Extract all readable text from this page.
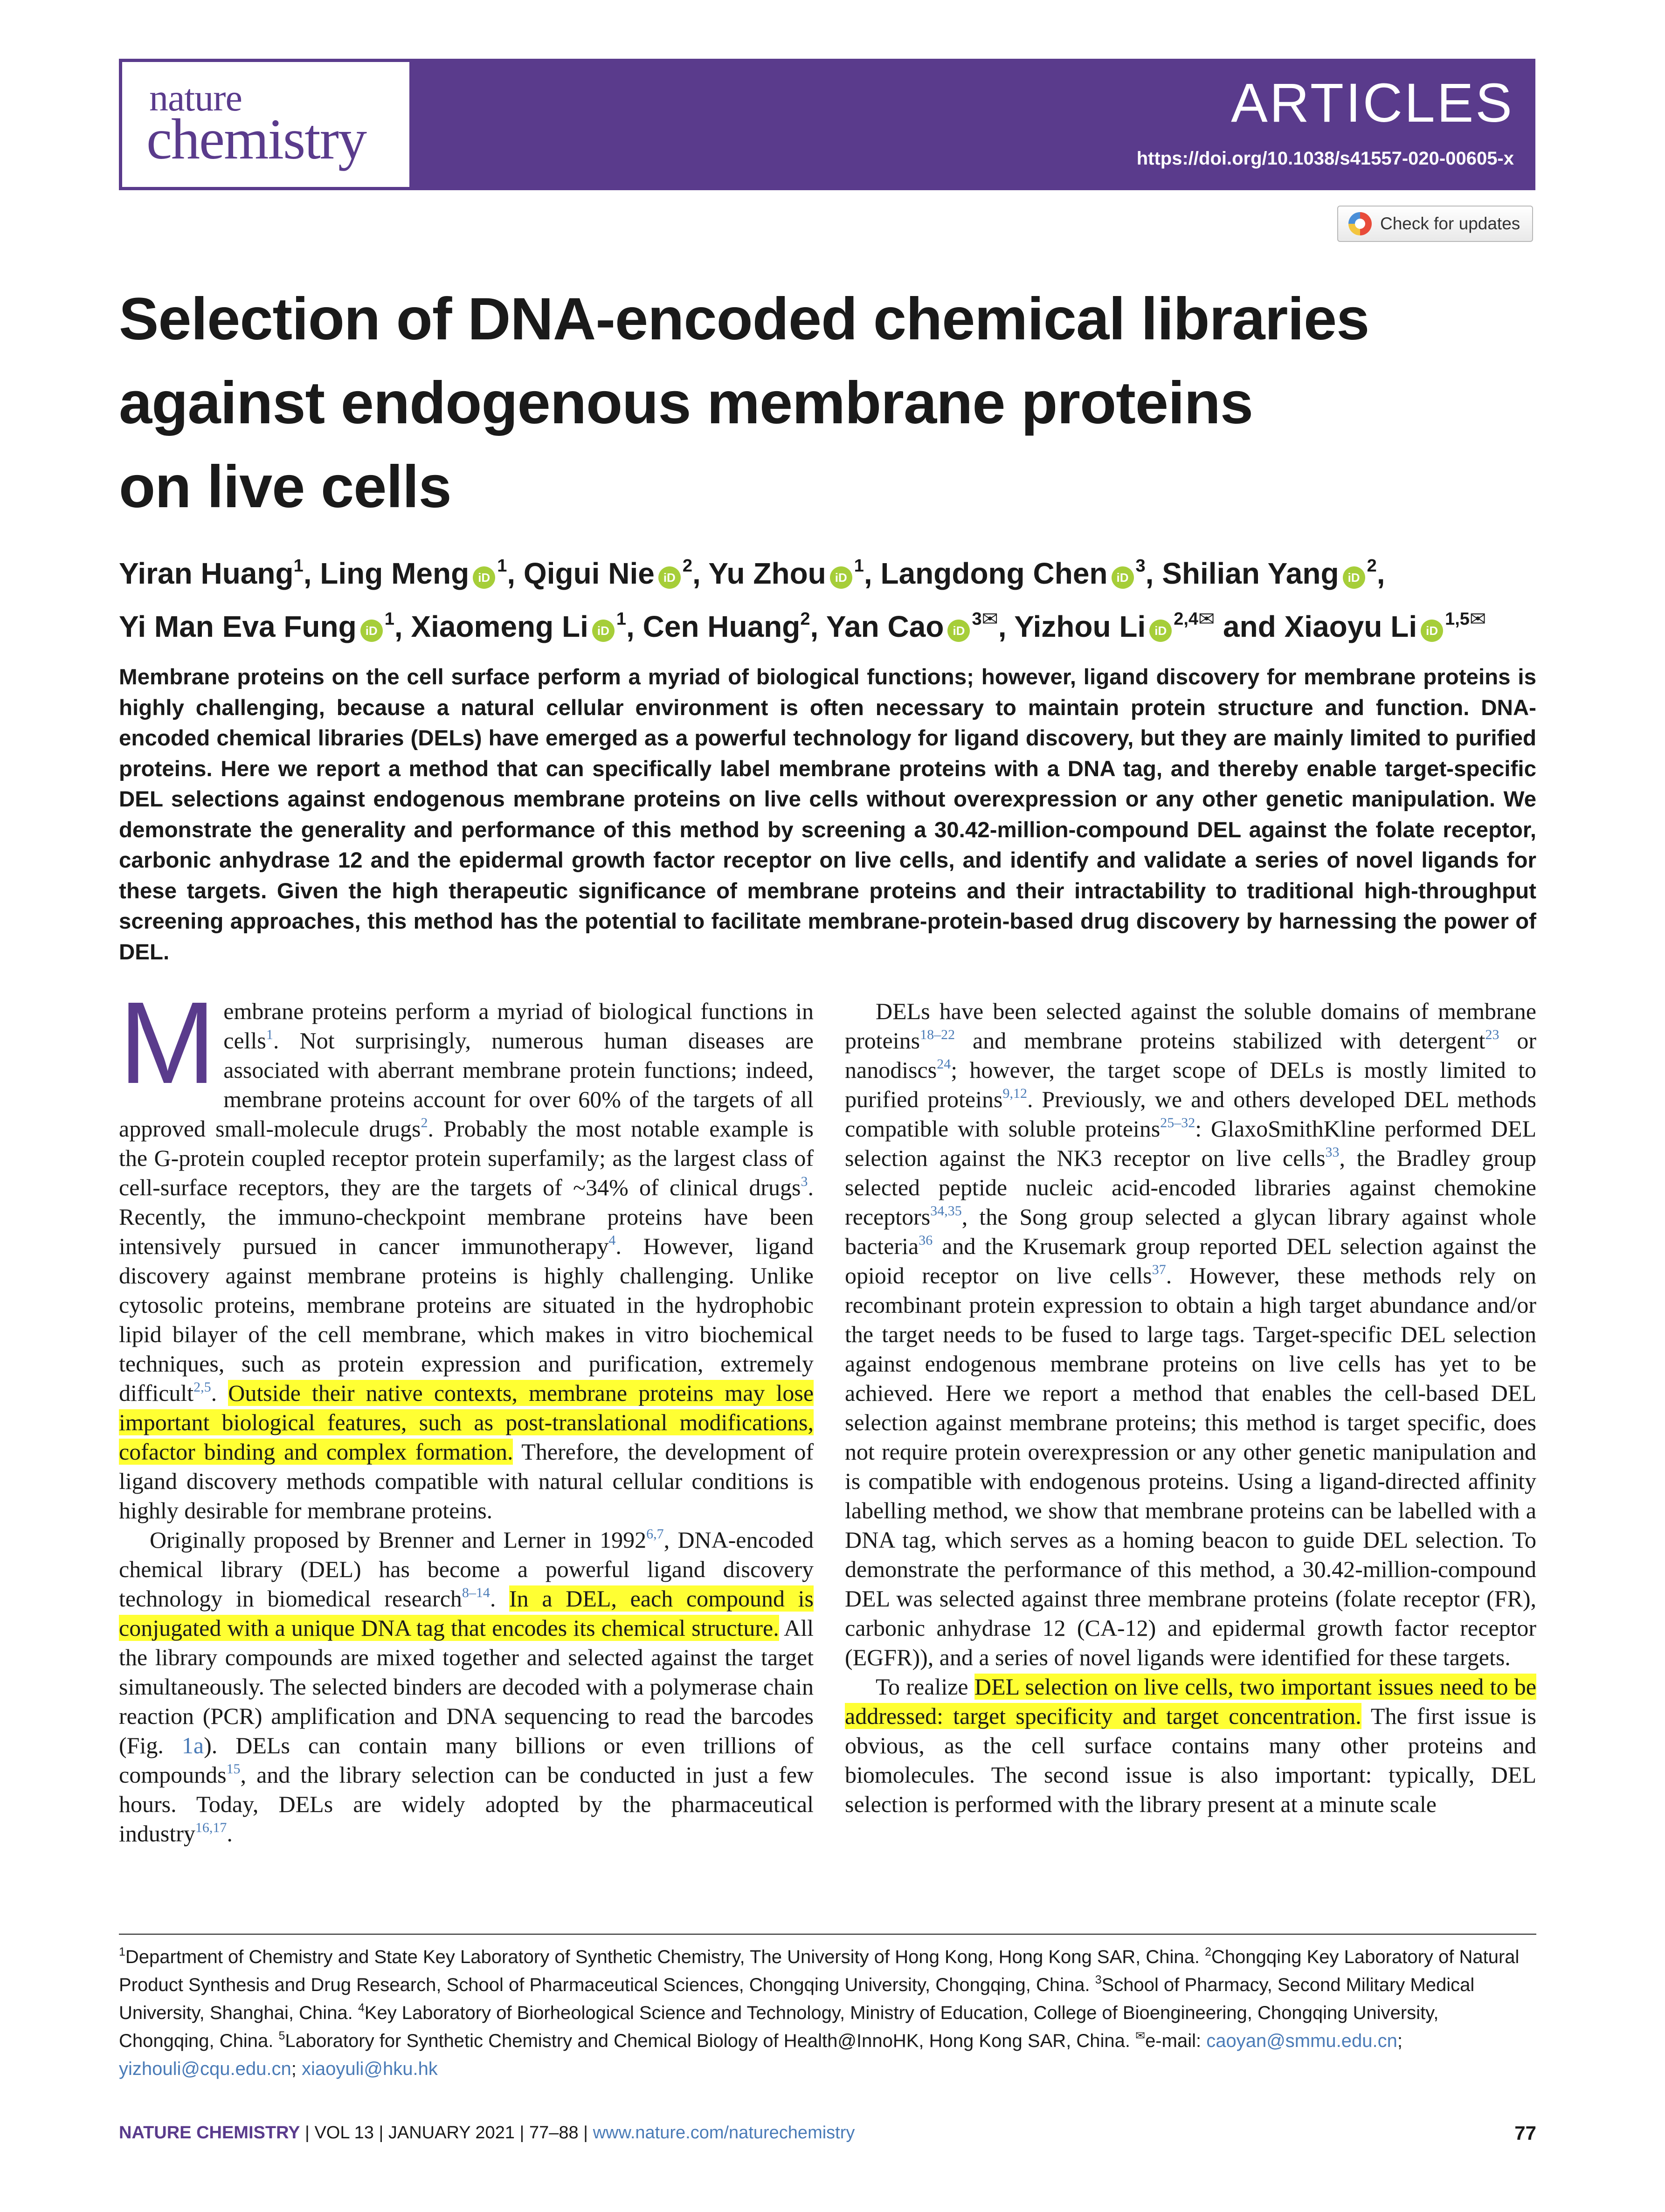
ARTICLES
https://doi.org/10.1038/s41557-020-00605-x
nature
chemistry
Check for updates
Selection of DNA-encoded chemical libraries
against endogenous membrane proteins
on live cells
Yiran Huang$^1$, Ling Meng iD$^1$, Qigui Nie iD$^2$, Yu Zhou iD$^1$, Langdong Chen iD$^3$, Shilian Yang iD$^2$,
Yi Man Eva Fung iD$^1$, Xiaomeng Li iD$^1$, Cen Huang$^2$, Yan Cao iD$^{3✉}$, Yizhou Li iD$^{2,4✉}$ and Xiaoyu Li iD$^{1,5✉}$
Membrane proteins on the cell surface perform a myriad of biological functions; however, ligand discovery for membrane proteins is highly challenging, because a natural cellular environment is often necessary to maintain protein structure and function. DNA-encoded chemical libraries (DELs) have emerged as a powerful technology for ligand discovery, but they are mainly limited to purified proteins. Here we report a method that can specifically label membrane proteins with a DNA tag, and thereby enable target-specific DEL selections against endogenous membrane proteins on live cells without overexpression or any other genetic manipulation. We demonstrate the generality and performance of this method by screening a 30.42-million-compound DEL against the folate receptor, carbonic anhydrase 12 and the epidermal growth factor receptor on live cells, and identify and validate a series of novel ligands for these targets. Given the high therapeutic significance of membrane proteins and their intractability to traditional high-throughput screening approaches, this method has the potential to facilitate membrane-protein-based drug discovery by harnessing the power of DEL.

Membrane proteins perform a myriad of biological functions in cells$^1$. Not surprisingly, numerous human diseases are associated with aberrant membrane protein functions; indeed, membrane proteins account for over 60% of the targets of all approved small-molecule drugs$^2$. Probably the most notable example is the G-protein coupled receptor protein superfamily; as the largest class of cell-surface receptors, they are the targets of ~34% of clinical drugs$^3$. Recently, the immuno-checkpoint membrane proteins have been intensively pursued in cancer immunotherapy$^4$. However, ligand discovery against membrane proteins is highly challenging. Unlike cytosolic proteins, membrane proteins are situated in the hydrophobic lipid bilayer of the cell membrane, which makes in vitro biochemical techniques, such as protein expression and purification, extremely difficult$^{2,5}$. Outside their native contexts, membrane proteins may lose important biological features, such as post-translational modifications, cofactor binding and complex formation. Therefore, the development of ligand discovery methods compatible with natural cellular conditions is highly desirable for membrane proteins.

Originally proposed by Brenner and Lerner in 1992$^{6,7}$, DNA-encoded chemical library (DEL) has become a powerful ligand discovery technology in biomedical research$^{8-14}$. In a DEL, each compound is conjugated with a unique DNA tag that encodes its chemical structure. All the library compounds are mixed together and selected against the target simultaneously. The selected binders are decoded with a polymerase chain reaction (PCR) amplification and DNA sequencing to read the barcodes (Fig. 1a). DELs can contain many billions or even trillions of compounds$^{15}$, and the library selection can be conducted in just a few hours. Today, DELs are widely adopted by the pharmaceutical industry$^{16,17}$.

DELs have been selected against the soluble domains of membrane proteins$^{18-22}$ and membrane proteins stabilized with detergent$^{23}$ or nanodiscs$^{24}$; however, the target scope of DELs is mostly limited to purified proteins$^{9,12}$. Previously, we and others developed DEL methods compatible with soluble proteins$^{25-32}$: GlaxoSmithKline performed DEL selection against the NK3 receptor on live cells$^{33}$, the Bradley group selected peptide nucleic acid-encoded libraries against chemokine receptors$^{34,35}$, the Song group selected a glycan library against whole bacteria$^{36}$ and the Krusemark group reported DEL selection against the opioid receptor on live cells$^{37}$. However, these methods rely on recombinant protein expression to obtain a high target abundance and/or the target needs to be fused to large tags. Target-specific DEL selection against endogenous membrane proteins on live cells has yet to be achieved. Here we report a method that enables the cell-based DEL selection against membrane proteins; this method is target specific, does not require protein overexpression or any other genetic manipulation and is compatible with endogenous proteins. Using a ligand-directed affinity labelling method, we show that membrane proteins can be labelled with a DNA tag, which serves as a homing beacon to guide DEL selection. To demonstrate the performance of this method, a 30.42-million-compound DEL was selected against three membrane proteins (folate receptor (FR), carbonic anhydrase 12 (CA-12) and epidermal growth factor receptor (EGFR)), and a series of novel ligands were identified for these targets.

To realize DEL selection on live cells, two important issues need to be addressed: target specificity and target concentration. The first issue is obvious, as the cell surface contains many other proteins and biomolecules. The second issue is also important: typically, DEL selection is performed with the library present at a minute scale

$^1$Department of Chemistry and State Key Laboratory of Synthetic Chemistry, The University of Hong Kong, Hong Kong SAR, China. $^2$Chongqing Key Laboratory of Natural Product Synthesis and Drug Research, School of Pharmaceutical Sciences, Chongqing University, Chongqing, China. $^3$School of Pharmacy, Second Military Medical University, Shanghai, China. $^4$Key Laboratory of Biorheological Science and Technology, Ministry of Education, College of Bioengineering, Chongqing University, Chongqing, China. $^5$Laboratory for Synthetic Chemistry and Chemical Biology of Health@InnoHK, Hong Kong SAR, China. ✉e-mail: caoyan@smmu.edu.cn; yizhouli@cqu.edu.cn; xiaoyuli@hku.hk
NATURE CHEMISTRY | VOL 13 | JANUARY 2021 | 77–88 | www.nature.com/naturechemistry	77
